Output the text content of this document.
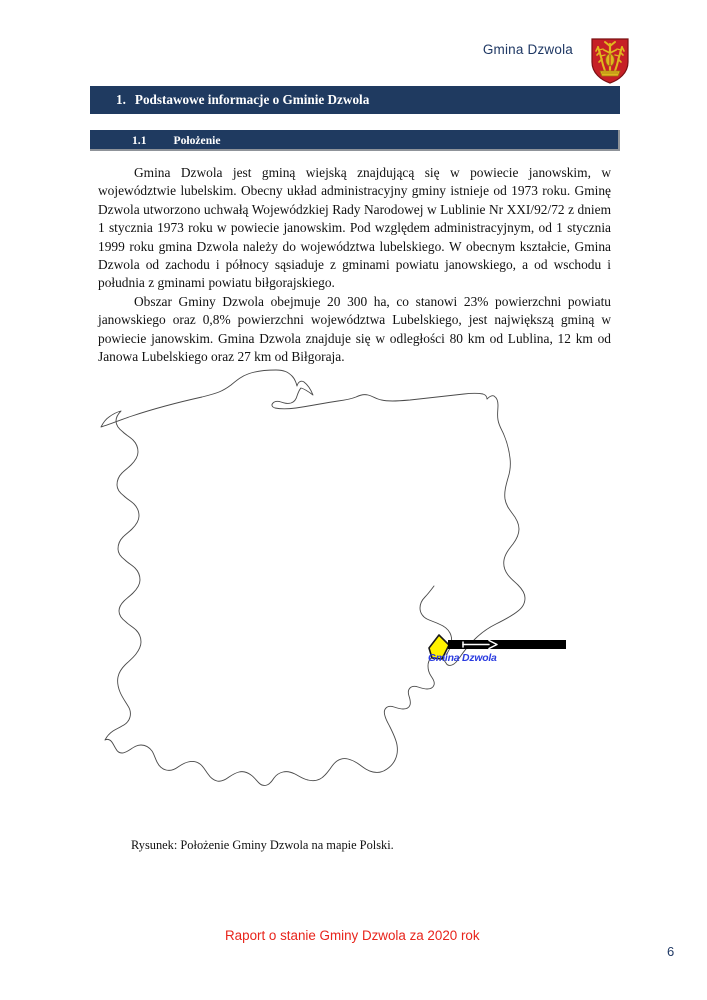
Gmina Dzwola
1. Podstawowe informacje o Gminie Dzwola
1.1 Położenie

Gmina Dzwola jest gminą wiejską znajdującą się w powiecie janowskim, w województwie lubelskim. Obecny układ administracyjny gminy istnieje od 1973 roku. Gminę Dzwola utworzono uchwałą Wojewódzkiej Rady Narodowej w Lublinie Nr XXI/92/72 z dniem 1 stycznia 1973 roku w powiecie janowskim. Pod względem administracyjnym, od 1 stycznia 1999 roku gmina Dzwola należy do województwa lubelskiego. W obecnym kształcie, Gmina Dzwola od zachodu i północy sąsiaduje z gminami powiatu janowskiego, a od wschodu i południa z gminami powiatu biłgorajskiego.

Obszar Gminy Dzwola obejmuje 20 300 ha, co stanowi 23% powierzchni powiatu janowskiego oraz 0,8% powierzchni województwa Lubelskiego, jest największą gminą w powiecie janowskim. Gmina Dzwola znajduje się w odległości 80 km od Lublina, 12 km od Janowa Lubelskiego oraz 27 km od Biłgoraja.

Gmina Dzwola
Rysunek: Położenie Gminy Dzwola na mapie Polski.
Raport o stanie Gminy Dzwola za 2020 rok
6
